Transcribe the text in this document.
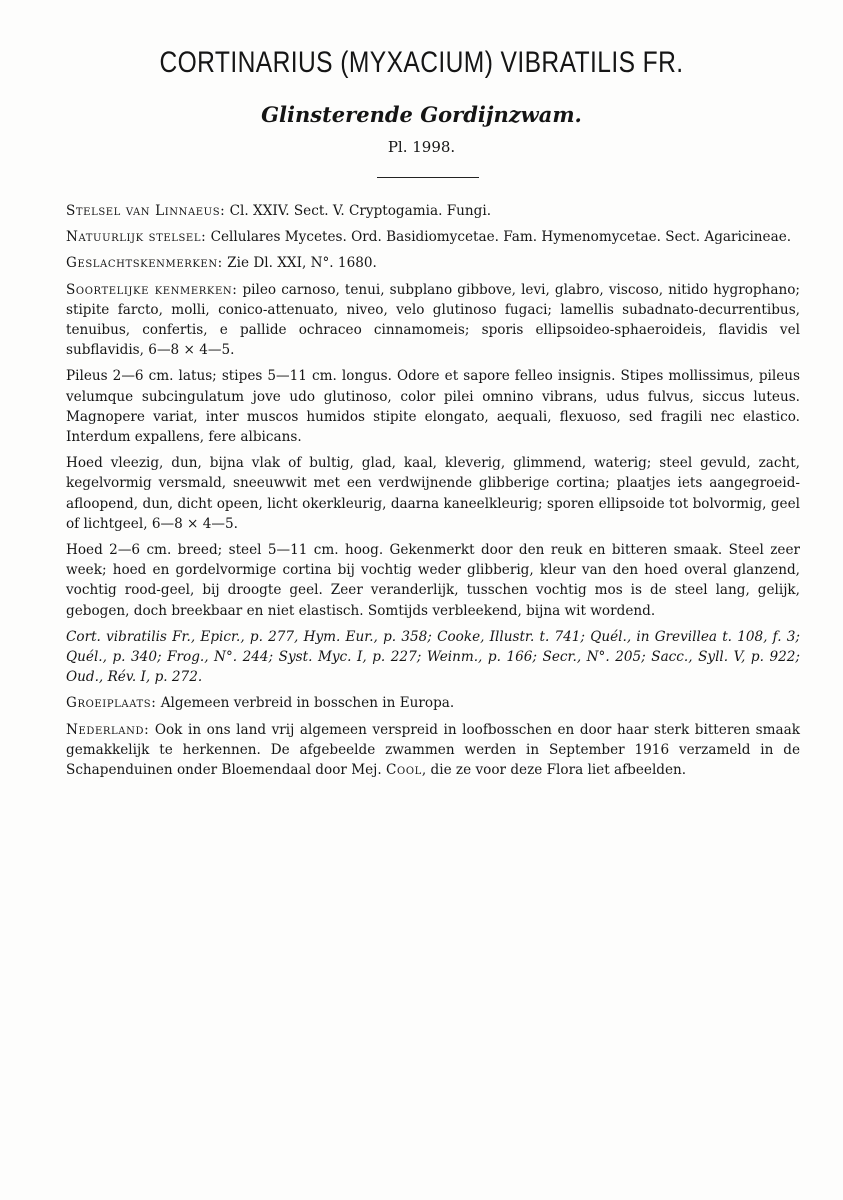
CORTINARIUS (MYXACIUM) VIBRATILIS FR.
Glinsterende Gordijnzwam.
Pl. 1998.

Stelsel van Linnaeus: Cl. XXIV. Sect. V. Cryptogamia. Fungi.

Natuurlijk stelsel: Cellulares Mycetes. Ord. Basidiomycetae. Fam. Hymenomycetae. Sect. Agaricineae.

Geslachtskenmerken: Zie Dl. XXI, N°. 1680.

Soortelijke kenmerken: pileo carnoso, tenui, subplano gibbove, levi, glabro, viscoso, nitido hygrophano; stipite farcto, molli, conico-attenuato, niveo, velo glutinoso fugaci; lamellis subadnato-decurrentibus, tenuibus, confertis, e pallide ochraceo cinnamomeis; sporis ellipsoideo-sphaeroideis, flavidis vel subflavidis, 6—8 × 4—5.

Pileus 2—6 cm. latus; stipes 5—11 cm. longus. Odore et sapore felleo insignis. Stipes mollissimus, pileus velumque subcingulatum jove udo glutinoso, color pilei omnino vibrans, udus fulvus, siccus luteus. Magnopere variat, inter muscos humidos stipite elongato, aequali, flexuoso, sed fragili nec elastico. Interdum expallens, fere albicans.

Hoed vleezig, dun, bijna vlak of bultig, glad, kaal, kleverig, glimmend, waterig; steel gevuld, zacht, kegelvormig versmald, sneeuwwit met een verdwijnende glibberige cortina; plaatjes iets aangegroeid-afloopend, dun, dicht opeen, licht okerkleurig, daarna kaneelkleurig; sporen ellipsoide tot bolvormig, geel of lichtgeel, 6—8 × 4—5.

Hoed 2—6 cm. breed; steel 5—11 cm. hoog. Gekenmerkt door den reuk en bitteren smaak. Steel zeer week; hoed en gordelvormige cortina bij vochtig weder glibberig, kleur van den hoed overal glanzend, vochtig rood-geel, bij droogte geel. Zeer veranderlijk, tusschen vochtig mos is de steel lang, gelijk, gebogen, doch breekbaar en niet elastisch. Somtijds verbleekend, bijna wit wordend.

Cort. vibratilis Fr., Epicr., p. 277, Hym. Eur., p. 358; Cooke, Illustr. t. 741; Quél., in Grevillea t. 108, f. 3; Quél., p. 340; Frog., N°. 244; Syst. Myc. I, p. 227; Weinm., p. 166; Secr., N°. 205; Sacc., Syll. V, p. 922; Oud., Rév. I, p. 272.

Groeiplaats: Algemeen verbreid in bosschen in Europa.

Nederland: Ook in ons land vrij algemeen verspreid in loofbosschen en door haar sterk bitteren smaak gemakkelijk te herkennen. De afgebeelde zwammen werden in September 1916 verzameld in de Schapenduinen onder Bloemendaal door Mej. Cool, die ze voor deze Flora liet afbeelden.
